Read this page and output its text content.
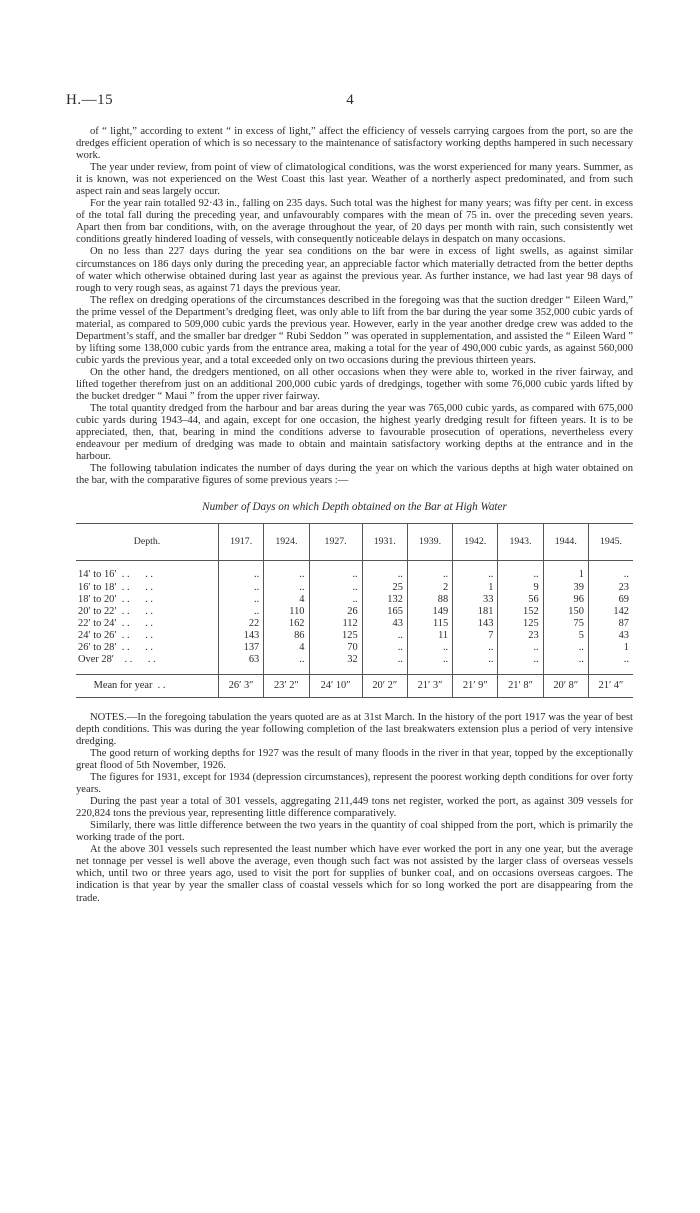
H.—15	4

of “ light,” according to extent “ in excess of light,” affect the efficiency of vessels carrying cargoes from the port, so are the dredges efficient operation of which is so necessary to the maintenance of satisfactory working depths hampered in such necessary work.

The year under review, from point of view of climatological conditions, was the worst experienced for many years. Summer, as it is known, was not experienced on the West Coast this last year. Weather of a northerly aspect predominated, and from such aspect rain and seas largely occur.

For the year rain totalled 92·43 in., falling on 235 days. Such total was the highest for many years; was fifty per cent. in excess of the total fall during the preceding year, and unfavourably compares with the mean of 75 in. over the preceding seven years. Apart then from bar conditions, with, on the average throughout the year, of 20 days per month with rain, such consistently wet conditions greatly hindered loading of vessels, with consequently noticeable delays in despatch on many occasions.

On no less than 227 days during the year sea conditions on the bar were in excess of light swells, as against similar circumstances on 186 days only during the preceding year, an appreciable factor which materially detracted from the better depths of water which otherwise obtained during last year as against the previous year. As further instance, we had last year 98 days of rough to very rough seas, as against 71 days the previous year.

The reflex on dredging operations of the circumstances described in the foregoing was that the suction dredger “ Eileen Ward,” the prime vessel of the Department’s dredging fleet, was only able to lift from the bar during the year some 352,000 cubic yards of material, as compared to 509,000 cubic yards the previous year. However, early in the year another dredge crew was added to the Department’s staff, and the smaller bar dredger “ Rubi Seddon ” was operated in supplementation, and assisted the “ Eileen Ward ” by lifting some 138,000 cubic yards from the entrance area, making a total for the year of 490,000 cubic yards, as against 560,000 cubic yards the previous year, and a total exceeded only on two occasions during the previous thirteen years.

On the other hand, the dredgers mentioned, on all other occasions when they were able to, worked in the river fairway, and lifted together therefrom just on an additional 200,000 cubic yards of dredgings, together with some 76,000 cubic yards lifted by the bucket dredger “ Maui ” from the upper river fairway.

The total quantity dredged from the harbour and bar areas during the year was 765,000 cubic yards, as compared with 675,000 cubic yards during 1943–44, and again, except for one occasion, the highest yearly dredging result for fifteen years. It is to be appreciated, then, that, bearing in mind the conditions adverse to favourable prosecution of operations, nevertheless every endeavour per medium of dredging was made to obtain and maintain satisfactory working depths at the entrance and in the harbour.

The following tabulation indicates the number of days during the year on which the various depths at high water obtained on the bar, with the comparative figures of some previous years :—

Number of Days on which Depth obtained on the Bar at High Water
Depth.	1917.	1924.	1927.	1931.	1939.	1942.	1943.	1944.	1945.
14′ to 16′  . .      . .	..	..	..	..	..	..	..	1	..
16′ to 18′  . .      . .	..	..	..	25	2	1	9	39	23
18′ to 20′  . .      . .	..	4	..	132	88	33	56	96	69
20′ to 22′  . .      . .	..	110	26	165	149	181	152	150	142
22′ to 24′  . .      . .	22	162	112	43	115	143	125	75	87
24′ to 26′  . .      . .	143	86	125	..	11	7	23	5	43
26′ to 28′  . .      . .	137	4	70	..	..	..	..	..	1
Over 28′    . .      . .	63	..	32	..	..	..	..	..	..
Mean for year  . .	26′ 3″	23′ 2″	24′ 10″	20′ 2″	21′ 3″	21′ 9″	21′ 8″	20′ 8″	21′ 4″

NOTES.—In the foregoing tabulation the years quoted are as at 31st March. In the history of the port 1917 was the year of best depth conditions. This was during the year following completion of the last breakwaters extension plus a period of very intensive dredging.

The good return of working depths for 1927 was the result of many floods in the river in that year, topped by the exceptionally great flood of 5th November, 1926.

The figures for 1931, except for 1934 (depression circumstances), represent the poorest working depth conditions for over forty years.

During the past year a total of 301 vessels, aggregating 211,449 tons net register, worked the port, as against 309 vessels for 220,824 tons the previous year, representing little difference comparatively.

Similarly, there was little difference between the two years in the quantity of coal shipped from the port, which is primarily the working trade of the port.

At the above 301 vessels such represented the least number which have ever worked the port in any one year, but the average net tonnage per vessel is well above the average, even though such fact was not assisted by the larger class of overseas vessels which, until two or three years ago, used to visit the port for supplies of bunker coal, and on occasions overseas cargoes. The indication is that year by year the smaller class of coastal vessels which for so long worked the port are disappearing from the trade.
